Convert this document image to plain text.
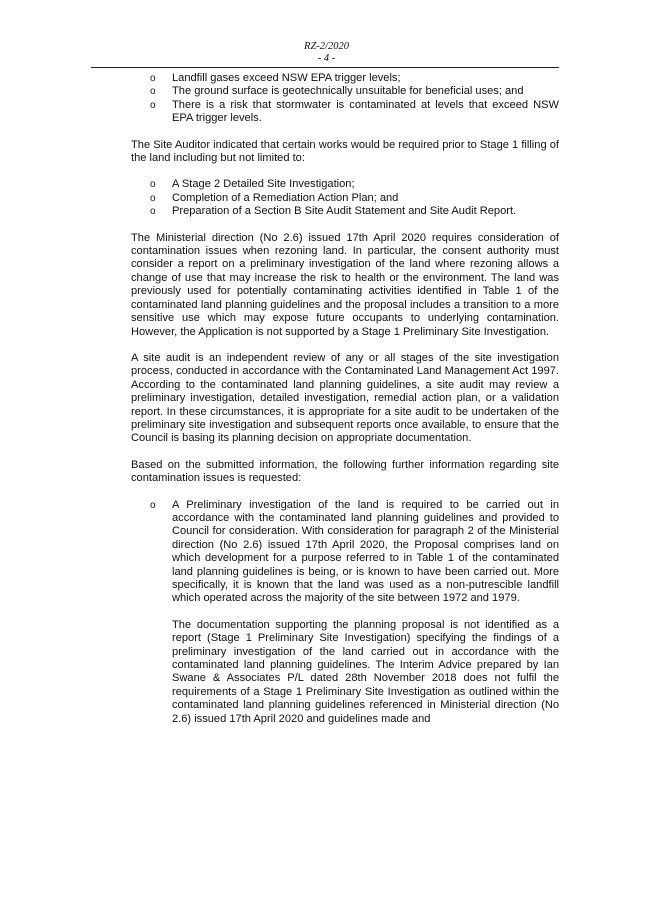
RZ-2/2020
- 4 -
o Landfill gases exceed NSW EPA trigger levels;
o The ground surface is geotechnically unsuitable for beneficial uses; and
o There is a risk that stormwater is contaminated at levels that exceed NSW EPA trigger levels.

The Site Auditor indicated that certain works would be required prior to Stage 1 filling of the land including but not limited to:

o A Stage 2 Detailed Site Investigation;
o Completion of a Remediation Action Plan; and
o Preparation of a Section B Site Audit Statement and Site Audit Report.

The Ministerial direction (No 2.6) issued 17th April 2020 requires consideration of contamination issues when rezoning land. In particular, the consent authority must consider a report on a preliminary investigation of the land where rezoning allows a change of use that may increase the risk to health or the environment. The land was previously used for potentially contaminating activities identified in Table 1 of the contaminated land planning guidelines and the proposal includes a transition to a more sensitive use which may expose future occupants to underlying contamination. However, the Application is not supported by a Stage 1 Preliminary Site Investigation.

A site audit is an independent review of any or all stages of the site investigation process, conducted in accordance with the Contaminated Land Management Act 1997. According to the contaminated land planning guidelines, a site audit may review a preliminary investigation, detailed investigation, remedial action plan, or a validation report. In these circumstances, it is appropriate for a site audit to be undertaken of the preliminary site investigation and subsequent reports once available, to ensure that the Council is basing its planning decision on appropriate documentation.

Based on the submitted information, the following further information regarding site contamination issues is requested:

o A Preliminary investigation of the land is required to be carried out in accordance with the contaminated land planning guidelines and provided to Council for consideration. With consideration for paragraph 2 of the Ministerial direction (No 2.6) issued 17th April 2020, the Proposal comprises land on which development for a purpose referred to in Table 1 of the contaminated land planning guidelines is being, or is known to have been carried out. More specifically, it is known that the land was used as a non-putrescible landfill which operated across the majority of the site between 1972 and 1979.

The documentation supporting the planning proposal is not identified as a report (Stage 1 Preliminary Site Investigation) specifying the findings of a preliminary investigation of the land carried out in accordance with the contaminated land planning guidelines. The Interim Advice prepared by Ian Swane & Associates P/L dated 28th November 2018 does not fulfil the requirements of a Stage 1 Preliminary Site Investigation as outlined within the contaminated land planning guidelines referenced in Ministerial direction (No 2.6) issued 17th April 2020 and guidelines made and
